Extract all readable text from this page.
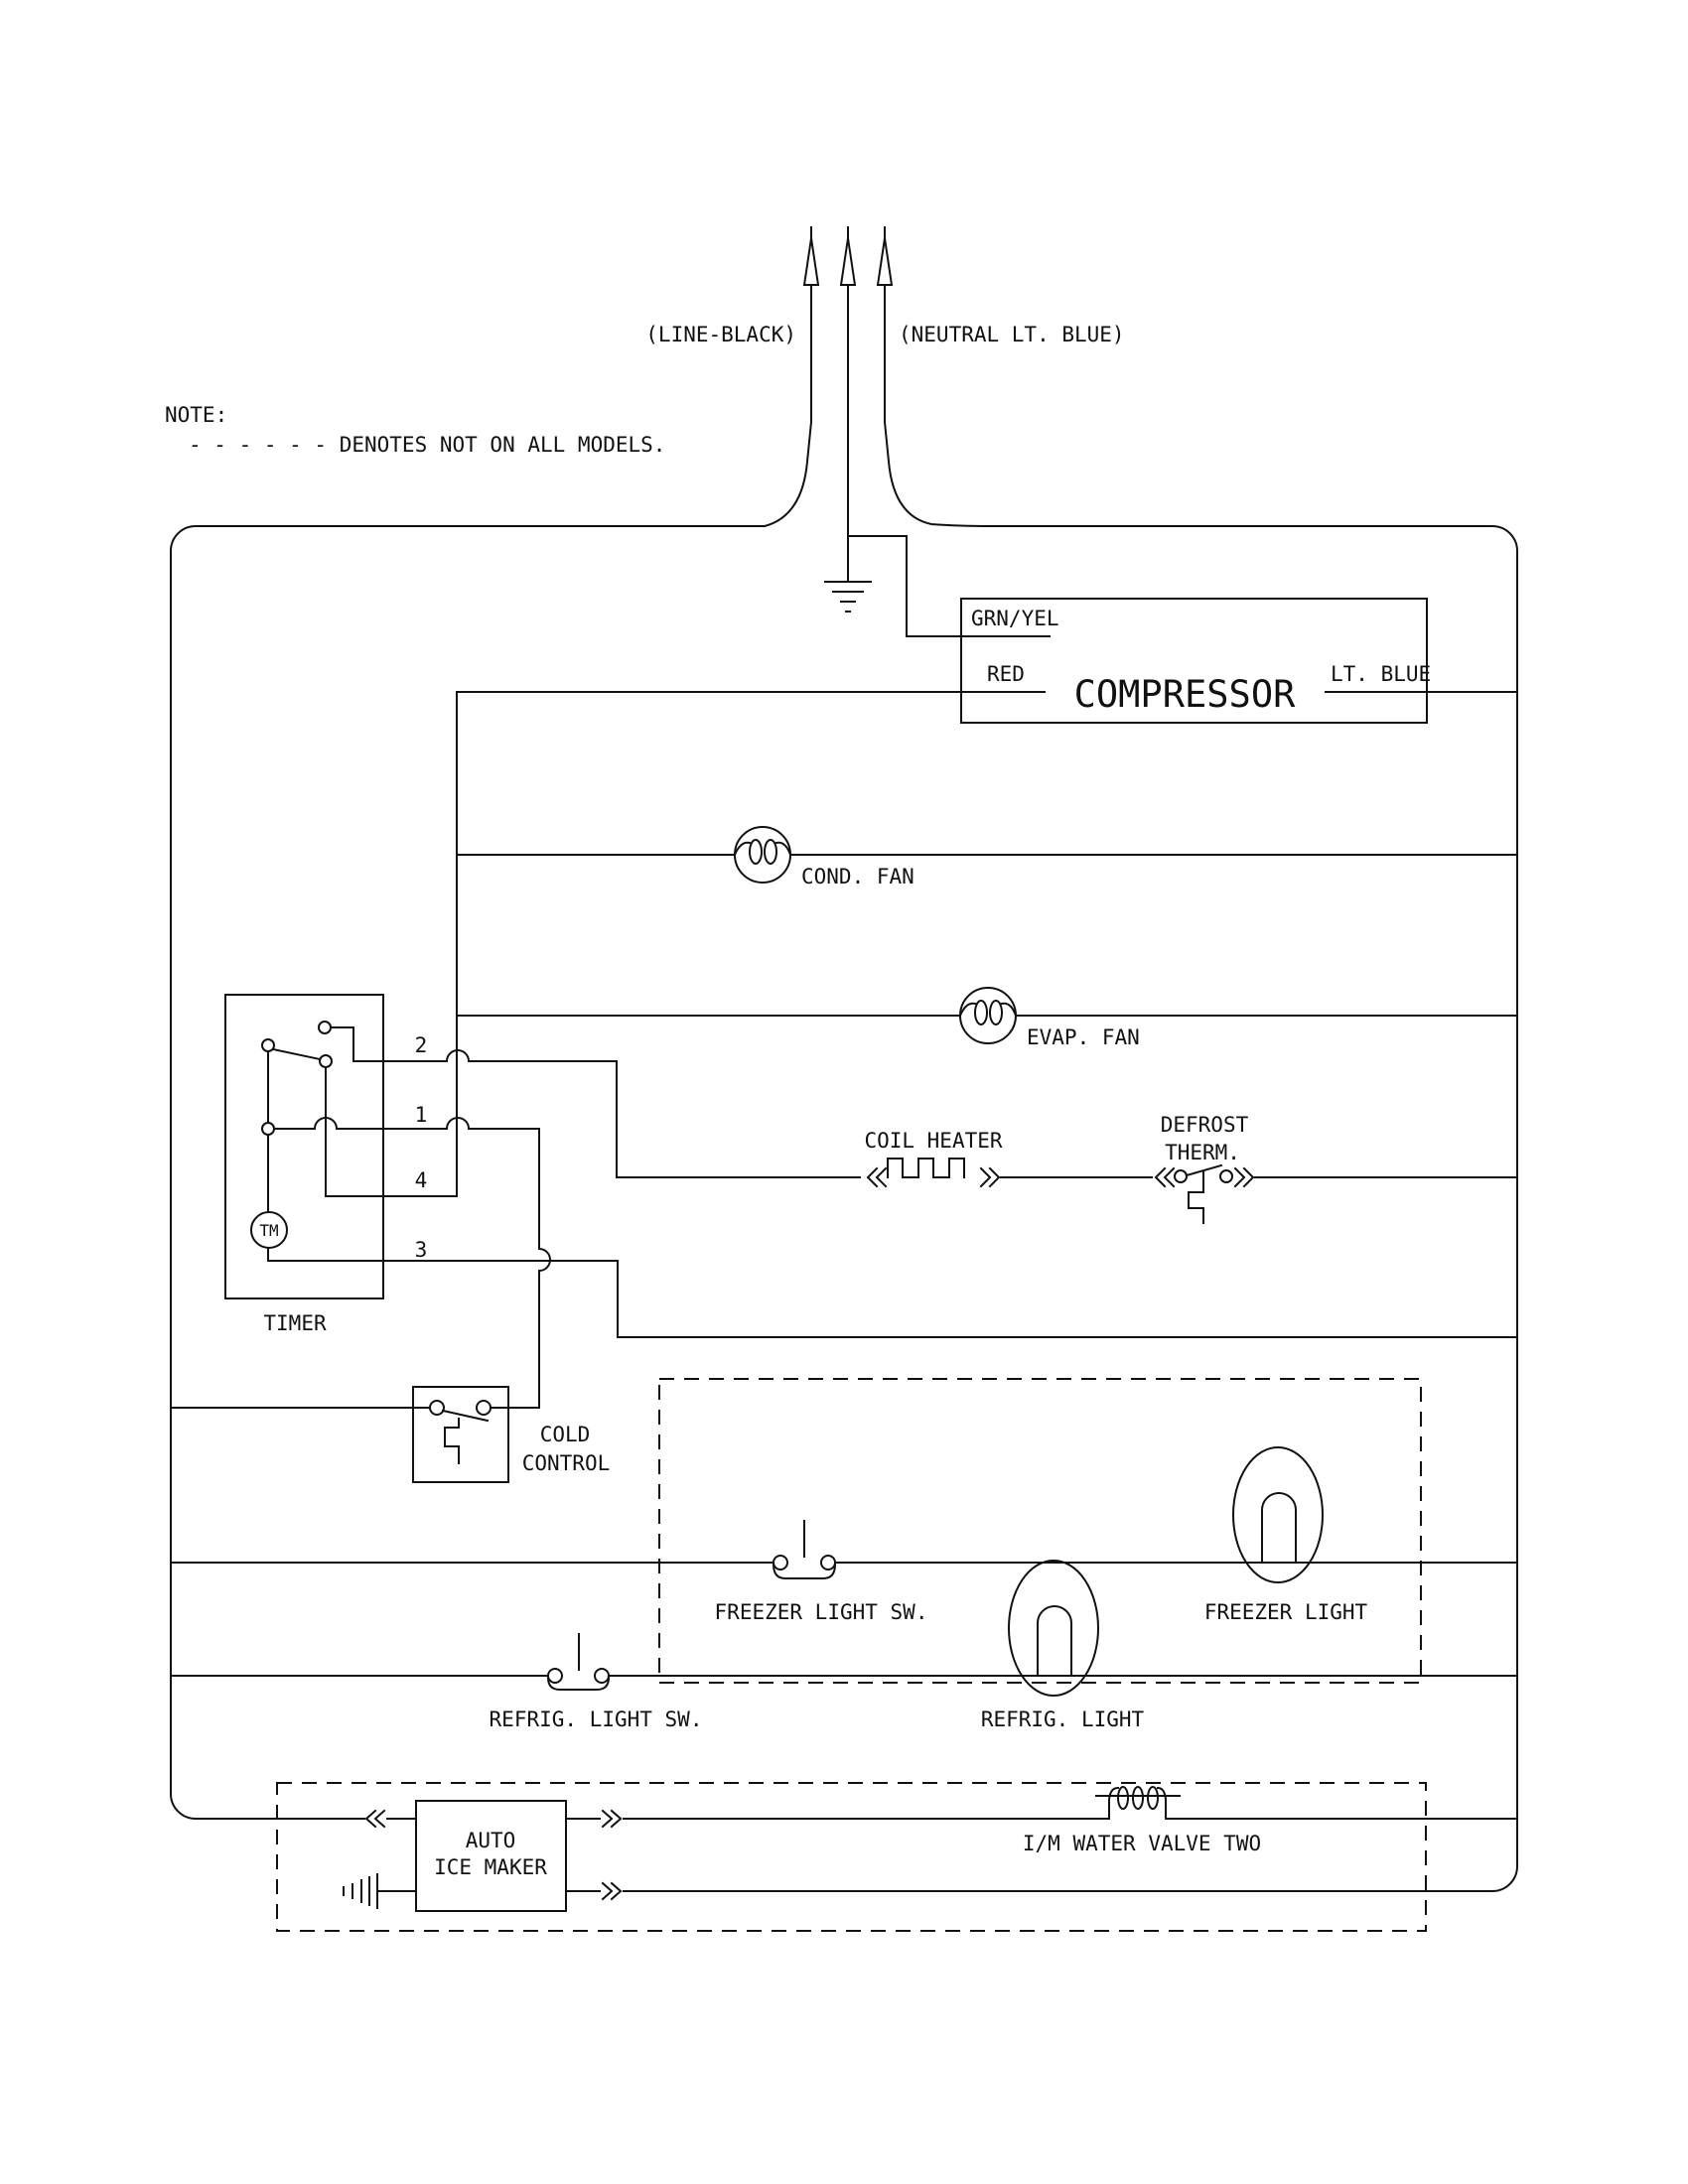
(LINE-BLACK)	(NEUTRAL LT. BLUE)
NOTE:
- - - - - - DENOTES NOT ON ALL MODELS.
GRN/YEL
RED	LT. BLUE
COMPRESSOR
COND. FAN
EVAP. FAN
TM
2
1
4
3
TIMER
COIL HEATER
DEFROST
THERM.
COLD
CONTROL
FREEZER LIGHT SW.	FREEZER LIGHT
REFRIG. LIGHT SW.	REFRIG. LIGHT
AUTO
ICE MAKER
I/M WATER VALVE TWO
